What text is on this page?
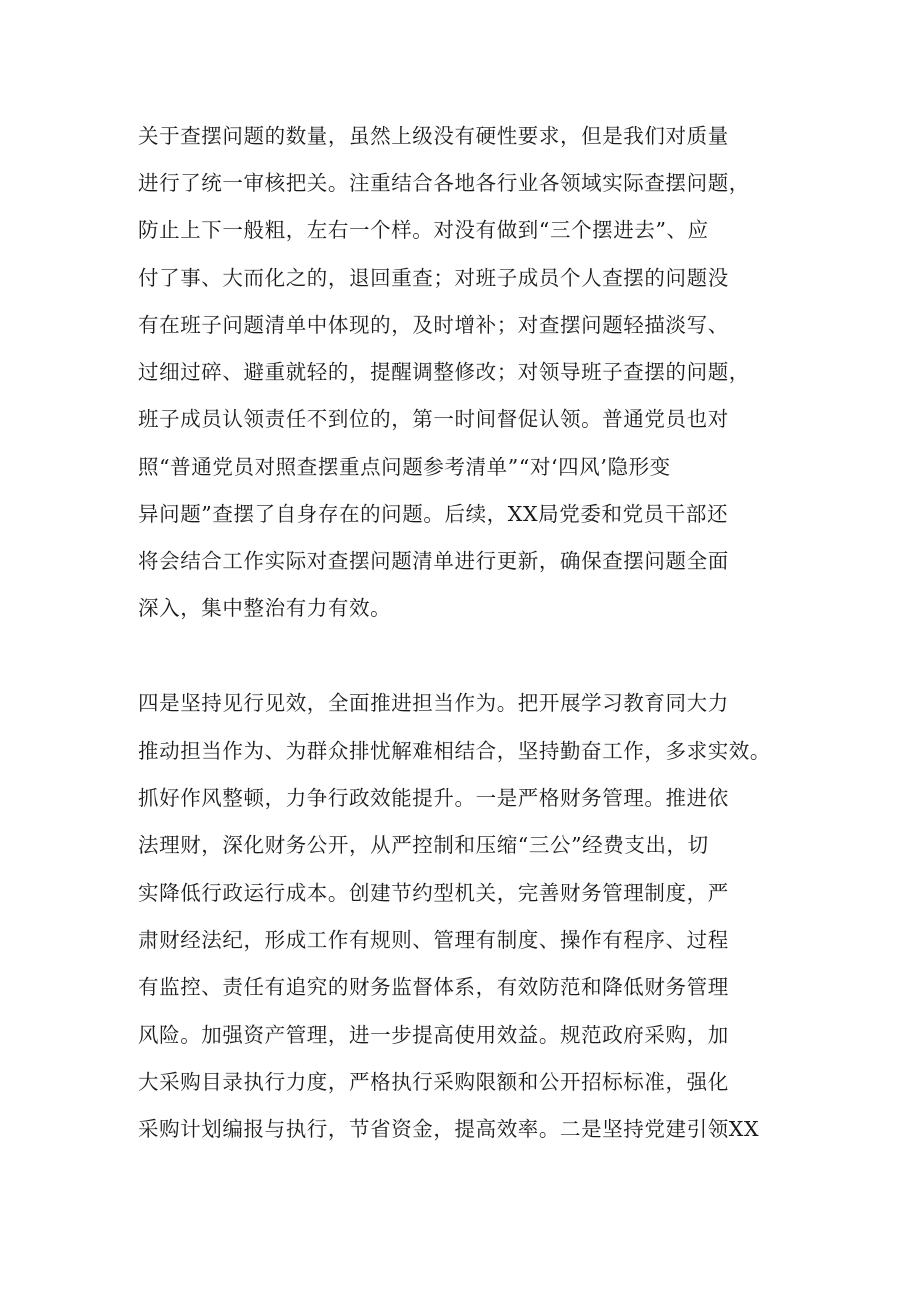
关于查摆问题的数量，虽然上级没有硬性要求，但是我们对质量
进行了统一审核把关。注重结合各地各行业各领域实际查摆问题，
防止上下一般粗，左右一个样。对没有做到“三个摆进去”、应
付了事、大而化之的，退回重查；对班子成员个人查摆的问题没
有在班子问题清单中体现的，及时增补；对查摆问题轻描淡写、
过细过碎、避重就轻的，提醒调整修改；对领导班子查摆的问题，
班子成员认领责任不到位的，第一时间督促认领。普通党员也对
照“普通党员对照查摆重点问题参考清单”“对‘四风’隐形变
异问题”查摆了自身存在的问题。后续，XX局党委和党员干部还
将会结合工作实际对查摆问题清单进行更新，确保查摆问题全面
深入，集中整治有力有效。
四是坚持见行见效，全面推进担当作为。把开展学习教育同大力
推动担当作为、为群众排忧解难相结合，坚持勤奋工作，多求实效。
抓好作风整顿，力争行政效能提升。一是严格财务管理。推进依
法理财，深化财务公开，从严控制和压缩“三公”经费支出，切
实降低行政运行成本。创建节约型机关，完善财务管理制度，严
肃财经法纪，形成工作有规则、管理有制度、操作有程序、过程
有监控、责任有追究的财务监督体系，有效防范和降低财务管理
风险。加强资产管理，进一步提高使用效益。规范政府采购，加
大采购目录执行力度，严格执行采购限额和公开招标标准，强化
采购计划编报与执行，节省资金，提高效率。二是坚持党建引领XX
